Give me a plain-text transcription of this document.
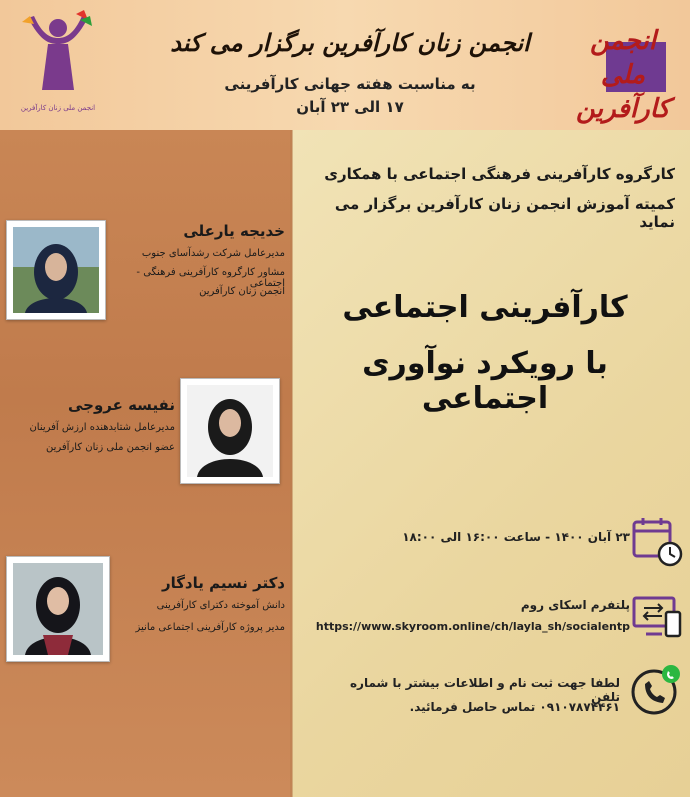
انجمن ملی زنان کارآفرین
انجمن زنان کارآفرین برگزار می کند
به مناسبت هفته جهانی کارآفرینی
۱۷ الی ۲۳ آبان
انجمن ملی کارآفرین
کارگروه کارآفرینی فرهنگی اجتماعی با همکاری
کمیته آموزش انجمن زنان کارآفرین برگزار می نماید
کارآفرینی اجتماعی
با رویکرد نوآوری اجتماعی
خدیجه یارعلی
مدیرعامل شرکت رشدآسای جنوب
مشاور کارگروه کارآفرینی فرهنگی - اجتماعی
انجمن زنان کارآفرین
نفیسه عروجی
مدیرعامل شتابدهنده ارزش آفرینان
عضو انجمن ملی زنان کارآفرین
دکتر نسیم یادگار
دانش آموخته دکترای کارآفرینی
مدیر پروژه کارآفرینی اجتماعی مانیز
۲۳ آبان ۱۴۰۰ - ساعت ۱۶:۰۰ الی ۱۸:۰۰
پلتفرم اسکای روم
https://www.skyroom.online/ch/layla_sh/socialentp
لطفا جهت ثبت نام و اطلاعات بیشتر با شماره تلفن
۰۹۱۰۷۸۷۴۴۶۱ تماس حاصل فرمائید.
